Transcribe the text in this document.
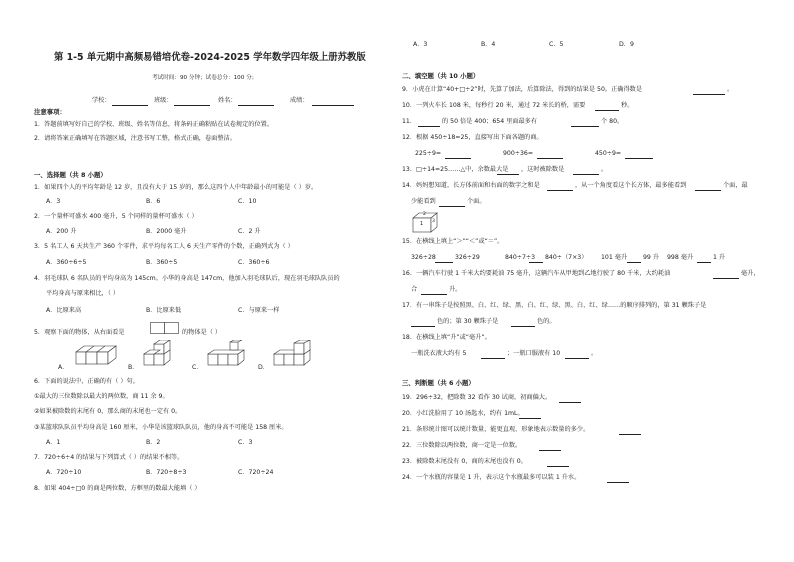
第 1-5 单元期中高频易错培优卷-2024-2025 学年数学四年级上册苏教版
考试时间：90 分钟；试卷总分：100 分；
学校：	班级：	姓名：	成绩：
注意事项：
1．答题前填写好自己的学校、班级、姓名等信息，将条码正确粘贴在试卷规定的位置。
2．请将答案正确填写在答题区域，注意书写工整，格式正确，卷面整洁。
一、选择题（共 8 小题）
1．如果四个人的平均年龄是 12 岁，且没有大于 15 岁的，那么这四个人中年龄最小的可能是（ ）岁。
A．3	B．6	C．10
2．一个量杯可盛水 400 毫升，5 个同样的量杯可盛水（ ）
A．200 升	B．2000 毫升	C．2 升
3．5 名工人 6 天共生产 360 个零件，求平均每名工人 6 天生产零件的个数，正确列式为（ ）
A．360÷6÷5	B．360÷5	C．360÷6
4．羽毛球队 6 名队员的平均身高为 145cm。小华的身高是 147cm，他加入羽毛球队后，现在羽毛球队队员的
平均身高与原来相比，（ ）
A．比原来高	B．比原来低	C．与原来一样
5．观察下面的物体，从右面看是	的物体是（ ）
A．	B．	C．	D．
6．下面的说法中，正确的有（ ）句。
①最大的三位数除以最大的两位数，商 11 余 9。
②如果被除数的末尾有 0，那么商的末尾也一定有 0。
③某篮球队队员平均身高是 160 厘米，小华是该篮球队队员，他的身高不可能是 158 厘米。
A．1	B．2	C．3
7．720÷6÷4 的结果与下列算式（ ）的结果不相等。
A．720÷10	B．720÷8÷3	C．720÷24
8．如果 404÷□0 的商是两位数，方框里的数最大能填（ ）
A．3	B．4	C．5	D．9
二、填空题（共 10 小题）
9．小虎在计算“40+□÷2”时，先算了加法，后算除法，得到的结果是 50。正确得数是	。
10．一列火车长 108 米，每秒行 20 米，通过 72 米长的桥，需要	秒。
11．	的 50 倍是 400；654 里面最多有	个 80。
12．根据 450÷18=25，直接写出下面各题的商。
225÷9=	900÷36=	450÷9=
13．□÷14=25……△中，余数最大是 ，这时被除数是	。
14．妈妈想知道，长方体前面和右面的数字之和是	，从一个角度看这个长方体，最多能看到	个面，最
少能看到	个面。
2
1 3
15．在横线上填上“＞”“＜”或“＝”。
326÷28	326÷29	840÷7÷3 840÷（7×3） 101 毫升	99 升 998 毫升	1 升
16．一辆汽车行驶 1 千米大约要耗油 75 毫升，这辆汽车从甲地到乙地行驶了 80 千米，大约耗油	毫升，
合	升。
17．有一串珠子是按照黑、白、红、绿、黑、白、红、绿、黑、白、红、绿……的顺序排列的，第 31 颗珠子是
色的；第 30 颗珠子是	色的。
18．在横线上填“升”或“毫升”。
一瓶洗衣液大约有 5	；一瓶口服液有 10	。
三、判断题（共 6 小题）
19．296÷32，把除数 32 看作 30 试商，初商偏大。
20．小红洗脸用了 10 汤匙水，约有 1mL。
21．条形统计图可以统计数量，能更直观、形象地表示数量的多少。
22．三位数除以两位数，商一定是一位数。
23．被除数末尾没有 0，商的末尾也没有 0。
24．一个水瓶的容量是 1 升，表示这个水瓶最多可以装 1 升水。
